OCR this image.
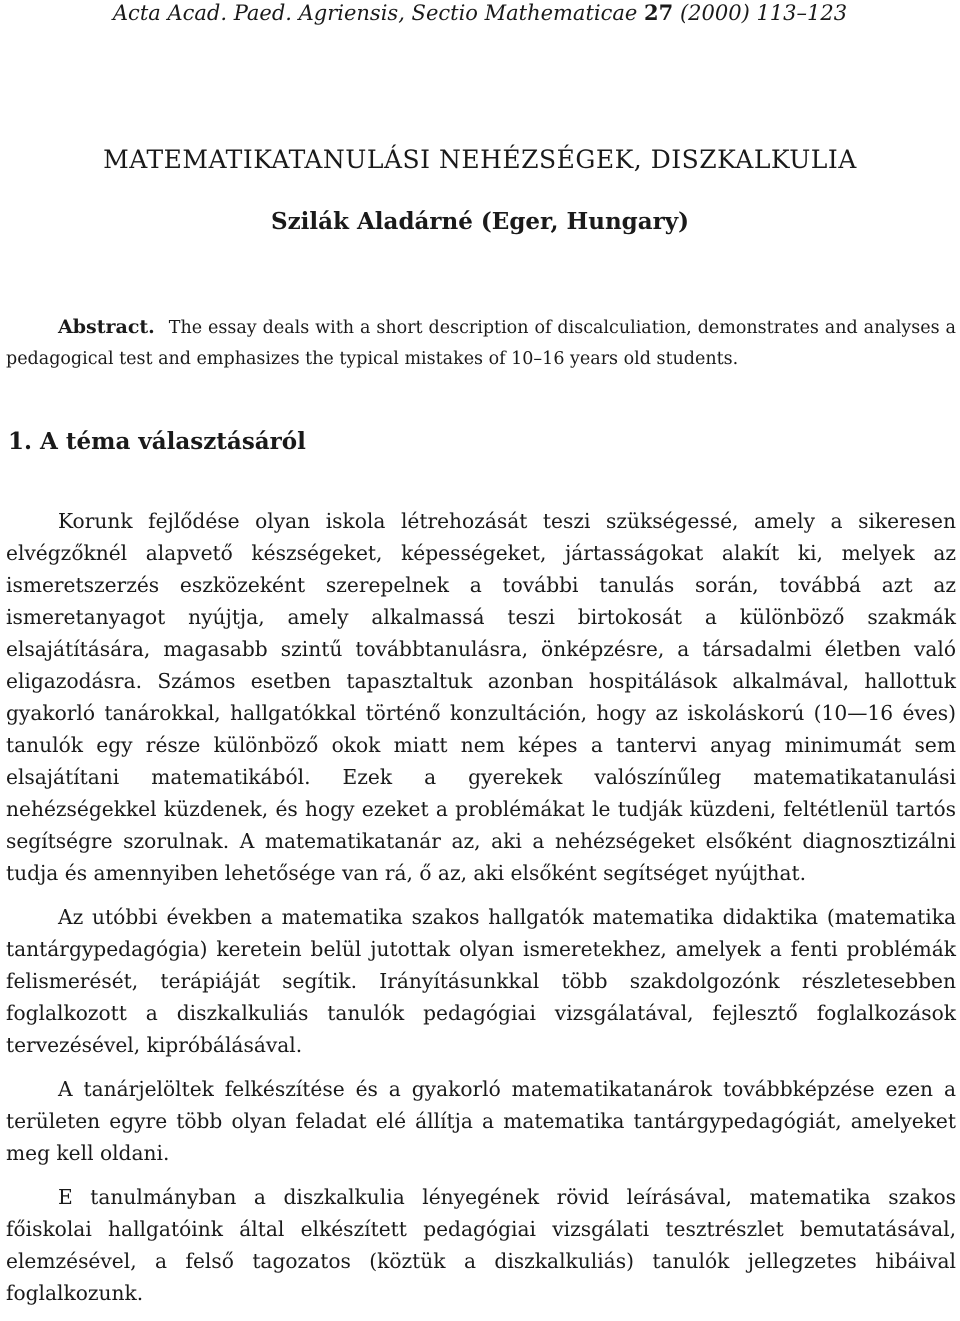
Acta Acad. Paed. Agriensis, Sectio Mathematicae 27 (2000) 113–123
MATEMATIKATANULÁSI NEHÉZSÉGEK, DISZKALKULIA
Szilák Aladárné (Eger, Hungary)
Abstract. The essay deals with a short description of discalculiation, demonstrates and analyses a pedagogical test and emphasizes the typical mistakes of 10–16 years old students.
1. A téma választásáról

Korunk fejlődése olyan iskola létrehozását teszi szükségessé, amely a sikeresen elvégzőknél alapvető készségeket, képességeket, jártasságokat alakít ki, melyek az ismeretszerzés eszközeként szerepelnek a további tanulás során, továbbá azt az ismeretanyagot nyújtja, amely alkalmassá teszi birtokosát a különböző szakmák elsajátítására, magasabb szintű továbbtanulásra, önképzésre, a társadalmi életben való eligazodásra. Számos esetben tapasztaltuk azonban hospitálások alkalmával, hallottuk gyakorló tanárokkal, hallgatókkal történő konzultáción, hogy az iskoláskorú (10—16 éves) tanulók egy része különböző okok miatt nem képes a tantervi anyag minimumát sem elsajátítani matematikából. Ezek a gyerekek valószínűleg matematikatanulási nehézségekkel küzdenek, és hogy ezeket a problémákat le tudják küzdeni, feltétlenül tartós segítségre szorulnak. A matematikatanár az, aki a nehézségeket elsőként diagnosztizálni tudja és amennyiben lehetősége van rá, ő az, aki elsőként segítséget nyújthat.

Az utóbbi években a matematika szakos hallgatók matematika didaktika (matematika tantárgypedagógia) keretein belül jutottak olyan ismeretekhez, amelyek a fenti problémák felismerését, terápiáját segítik. Irányításunkkal több szakdolgozónk részletesebben foglalkozott a diszkalkuliás tanulók pedagógiai vizsgálatával, fejlesztő foglalkozások tervezésével, kipróbálásával.

A tanárjelöltek felkészítése és a gyakorló matematikatanárok továbbképzése ezen a területen egyre több olyan feladat elé állítja a matematika tantárgypedagógiát, amelyeket meg kell oldani.

E tanulmányban a diszkalkulia lényegének rövid leírásával, matematika szakos főiskolai hallgatóink által elkészített pedagógiai vizsgálati tesztrészlet bemutatásával, elemzésével, a felső tagozatos (köztük a diszkalkuliás) tanulók jellegzetes hibáival foglalkozunk.
